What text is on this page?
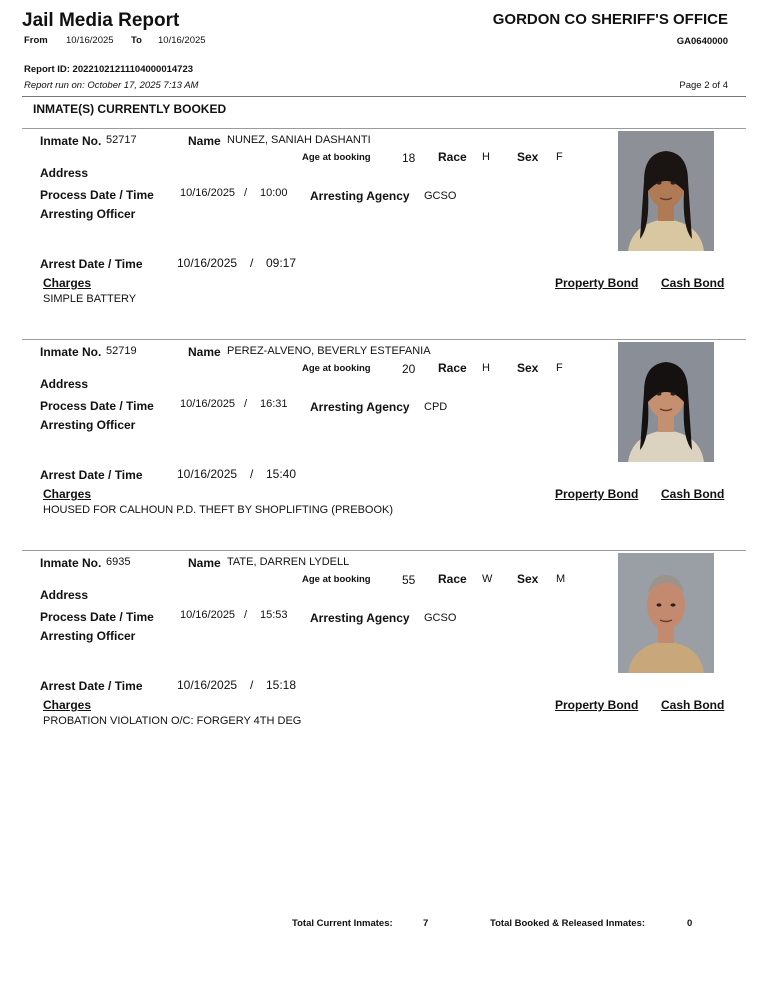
Jail Media Report	GORDON CO SHERIFF'S OFFICE
From 10/16/2025 To 10/16/2025	GA0640000
Report ID: 20221021211104000014723
Report run on: October 17, 2025 7:13 AM	Page 2 of 4
INMATE(S) CURRENTLY BOOKED
Inmate No. 52717	Name NUNEZ, SANIAH DASHANTI
Age at booking	18 Race H Sex F
Address
Process Date / Time 10/16/2025 / 10:00 Arresting Agency GCSO
Arresting Officer
Arrest Date / Time	10/16/2025 / 09:17
Charges	Property Bond Cash Bond
SIMPLE BATTERY
Inmate No. 52719	Name PEREZ-ALVENO, BEVERLY ESTEFANIA
Age at booking	20 Race H Sex F
Address
Process Date / Time 10/16/2025 / 16:31 Arresting Agency CPD
Arresting Officer
Arrest Date / Time	10/16/2025 / 15:40
Charges	Property Bond Cash Bond
HOUSED FOR CALHOUN P.D. THEFT BY SHOPLIFTING (PREBOOK)
Inmate No. 6935	Name TATE, DARREN LYDELL
Age at booking	55 Race W Sex M
Address
Process Date / Time 10/16/2025 / 15:53 Arresting Agency GCSO
Arresting Officer
Arrest Date / Time	10/16/2025 / 15:18
Charges	Property Bond Cash Bond
PROBATION VIOLATION O/C: FORGERY 4TH DEG
Total Current Inmates:	7	Total Booked & Released Inmates:	0
